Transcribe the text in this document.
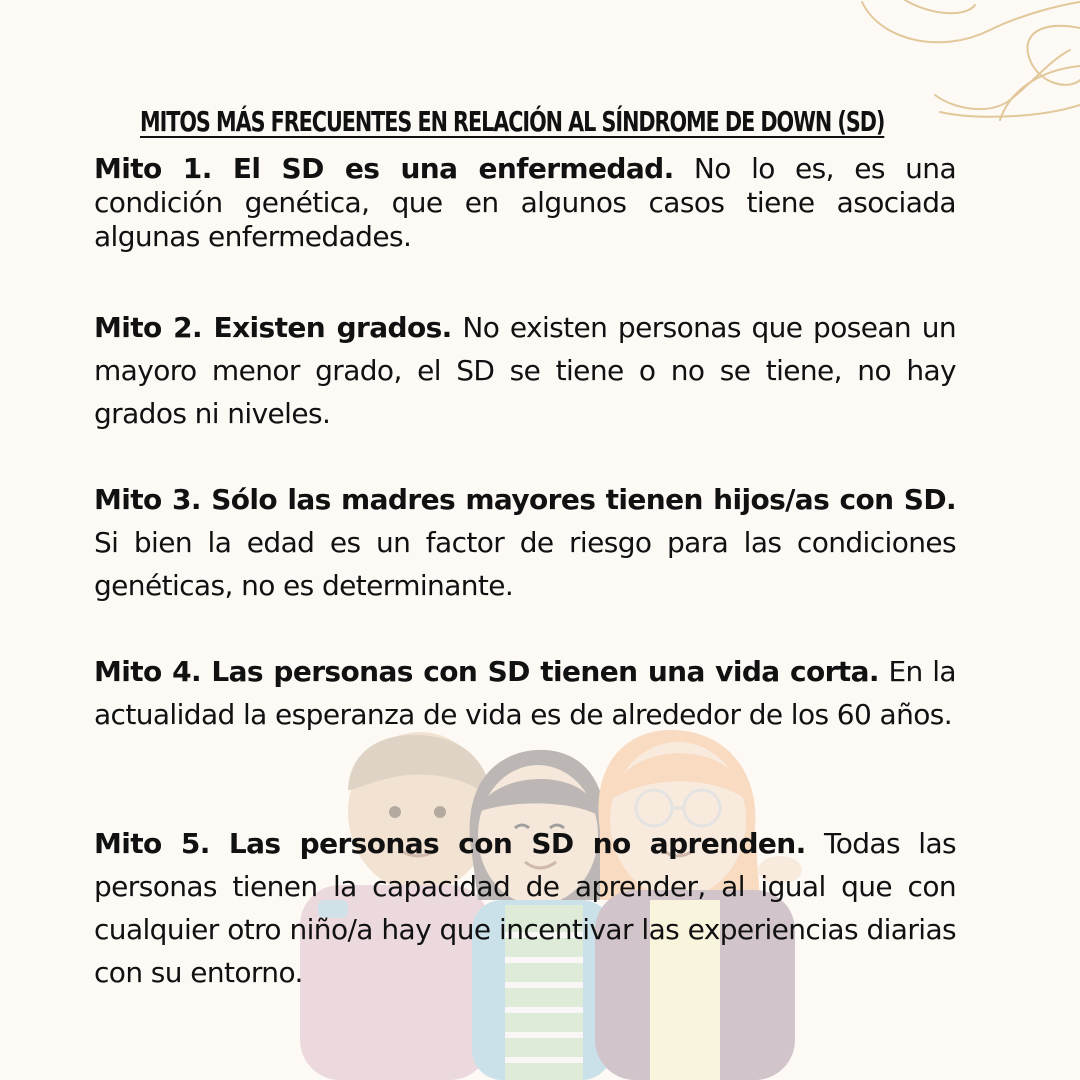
MITOS MÁS FRECUENTES EN RELACIÓN AL SÍNDROME DE DOWN (SD)

Mito 1. El SD es una enfermedad. No lo es, es una condición genética, que en algunos casos tiene asociada algunas enfermedades.

Mito 2. Existen grados. No existen personas que posean un mayoro menor grado, el SD se tiene o no se tiene, no hay grados ni niveles.

Mito 3. Sólo las madres mayores tienen hijos/as con SD. Si bien la edad es un factor de riesgo para las condiciones genéticas, no es determinante.

Mito 4. Las personas con SD tienen una vida corta. En la actualidad la esperanza de vida es de alrededor de los 60 años.

Mito 5. Las personas con SD no aprenden. Todas las personas tienen la capacidad de aprender, al igual que con cualquier otro niño/a hay que incentivar las experiencias diarias con su entorno.
